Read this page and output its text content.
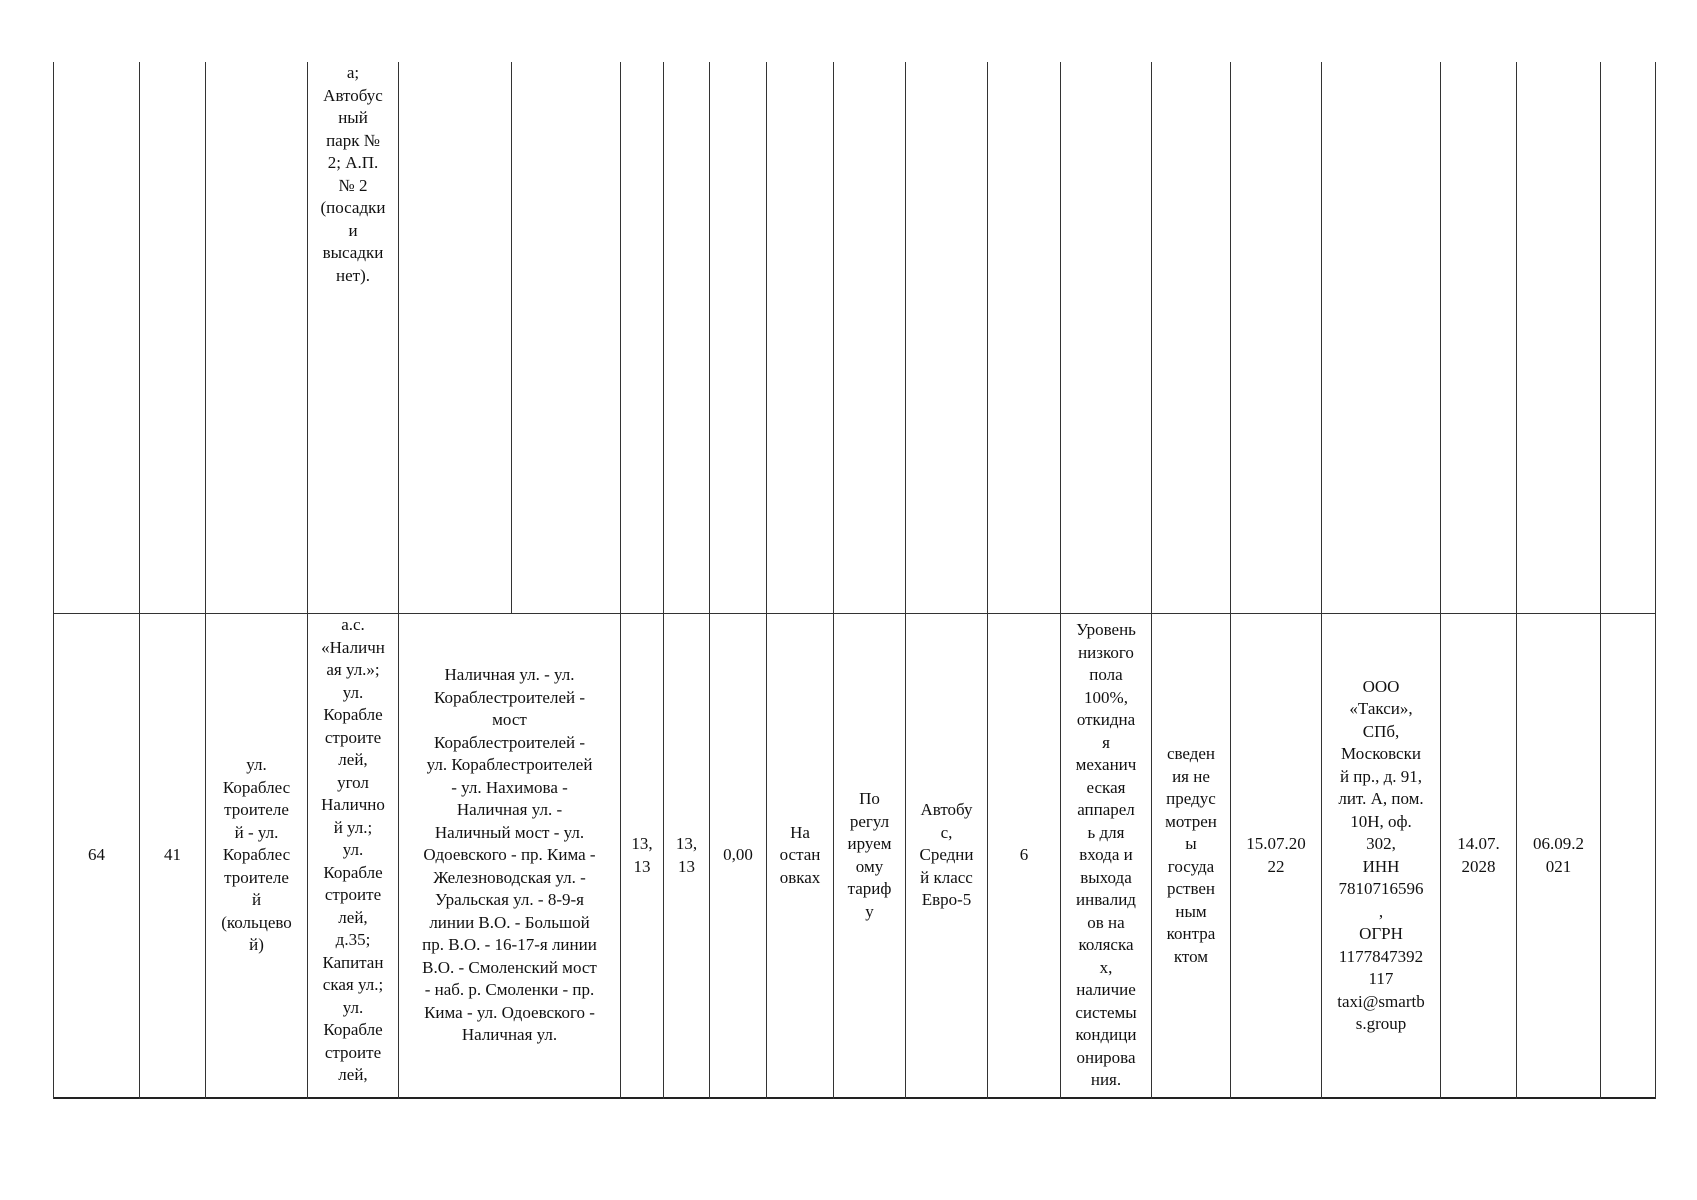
а;
Автобус
ный
парк №
2; А.П.
№ 2
(посадки
и
высадки
нет).
64	41
ул.
Кораблес
троителе
й - ул.
Кораблес
троителе
й
(кольцево
й)
а.с.
«Наличн
ая ул.»;
ул.
Корабле
строите
лей,
угол
Налично
й ул.;
ул.
Корабле
строите
лей,
д.35;
Капитан
ская ул.;
ул.
Корабле
строите
лей,
Наличная ул. - ул.
Кораблестроителей -
мост
Кораблестроителей -
ул. Кораблестроителей
- ул. Нахимова -
Наличная ул. -
Наличный мост - ул.
Одоевского - пр. Кима -
Железноводская ул. -
Уральская ул. - 8-9-я
линии В.О. - Большой
пр. В.О. - 16-17-я линии
В.О. - Смоленский мост
- наб. р. Смоленки - пр.
Кима - ул. Одоевского -
Наличная ул.
13,
13
13,
13
0,00
На
остан
овках
По
регул
ируем
ому
тариф
у
Автобу
с,
Средни
й класс
Евро-5
6
Уровень
низкого
пола
100%,
откидна
я
механич
еская
аппарел
ь для
входа и
выхода
инвалид
ов на
коляска
х,
наличие
системы
кондици
онирова
ния.
сведен
ия не
предус
мотрен
ы
госуда
рствен
ным
контра
ктом
15.07.20
22
ООО
«Такси»,
СПб,
Московски
й пр., д. 91,
лит. А, пом.
10Н, оф.
302,
ИНН
7810716596
,
ОГРН
1177847392
117
taxi@smartb
s.group
14.07.
2028
06.09.2
021
